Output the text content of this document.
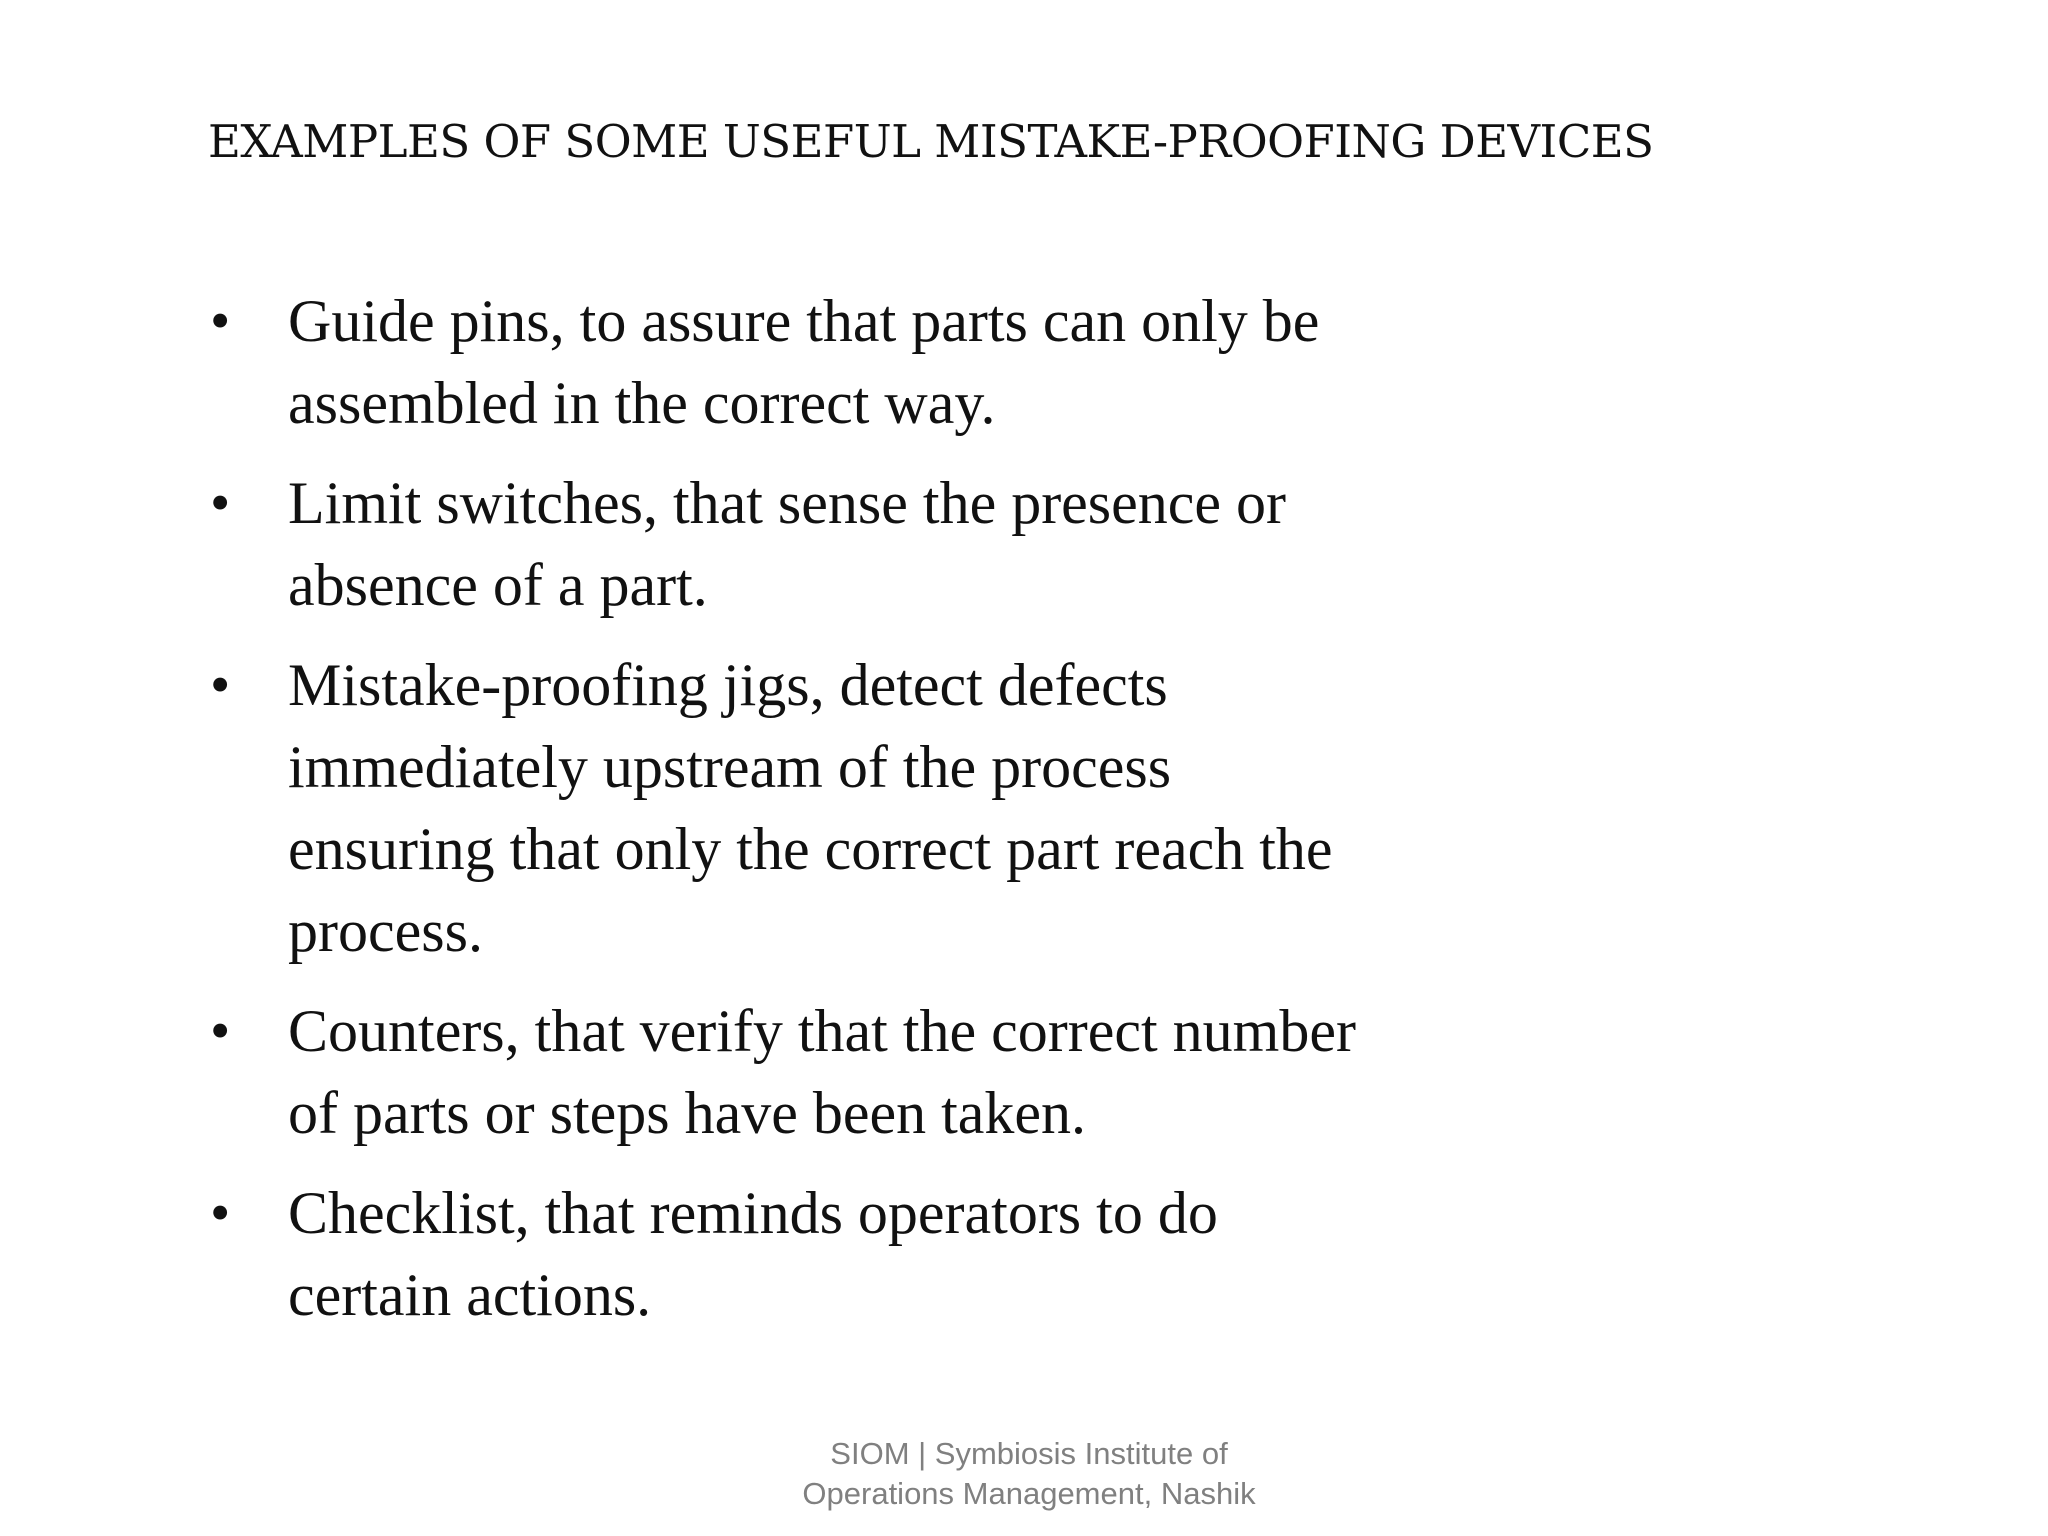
EXAMPLES OF SOME USEFUL MISTAKE-PROOFING DEVICES
• Guide pins, to assure that parts can only be assembled in the correct way.
• Limit switches, that sense the presence or absence of a part.
• Mistake-proofing jigs, detect defects immediately upstream of the process ensuring that only the correct part reach the process.
• Counters, that verify that the correct number of parts or steps have been taken.
• Checklist, that reminds operators to do certain actions.
SIOM | Symbiosis Institute of
Operations Management, Nashik
